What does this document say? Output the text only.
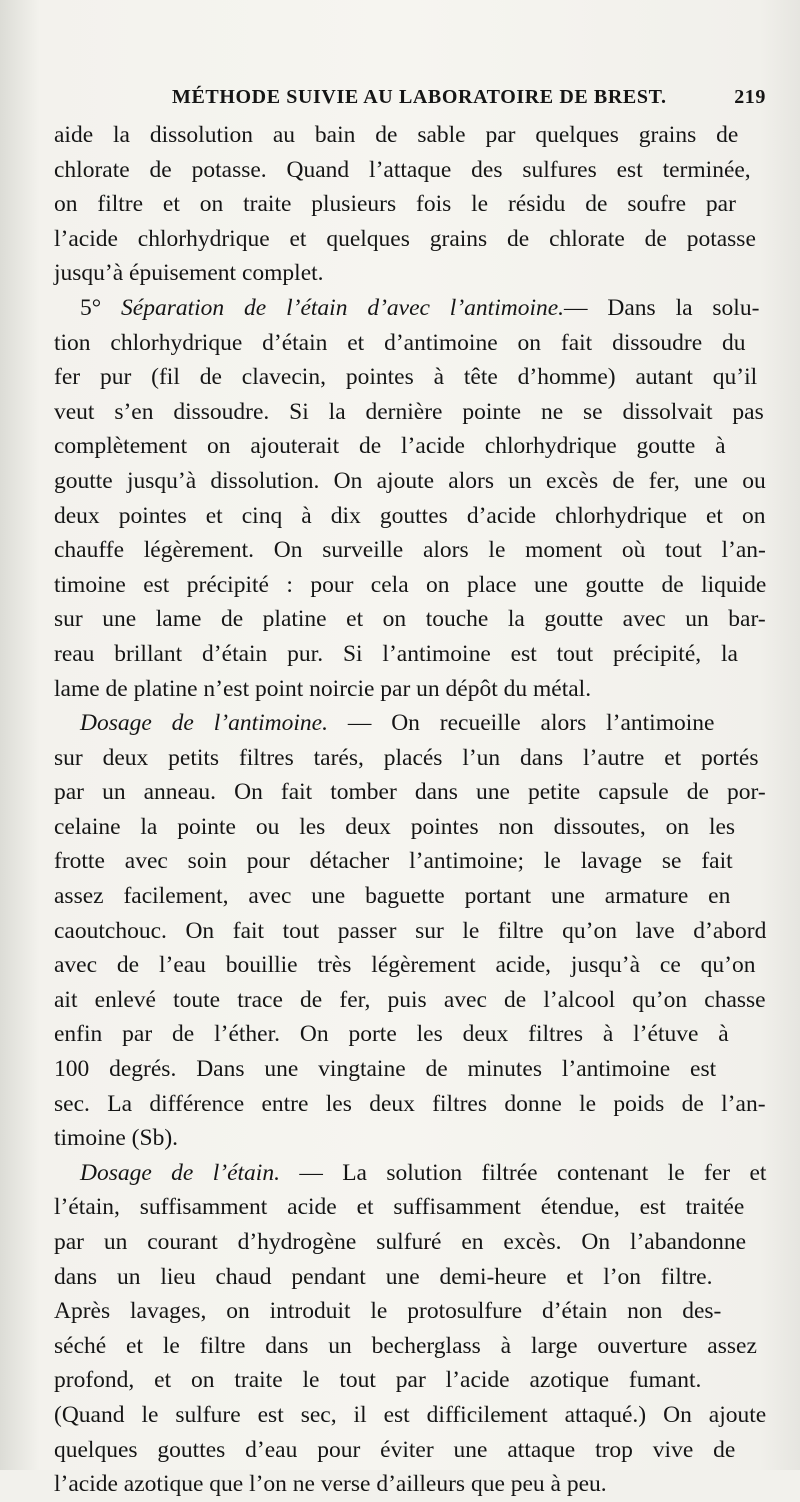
MÉTHODE SUIVIE AU LABORATOIRE DE BREST.	219
aide la dissolution au bain de sable par quelques grains de
chlorate de potasse. Quand l’attaque des sulfures est terminée,
on filtre et on traite plusieurs fois le résidu de soufre par
l’acide chlorhydrique et quelques grains de chlorate de potasse
jusqu’à épuisement complet.
5° Séparation de l’étain d’avec l’antimoine.— Dans la solu-
tion chlorhydrique d’étain et d’antimoine on fait dissoudre du
fer pur (fil de clavecin, pointes à tête d’homme) autant qu’il
veut s’en dissoudre. Si la dernière pointe ne se dissolvait pas
complètement on ajouterait de l’acide chlorhydrique goutte à
goutte jusqu’à dissolution. On ajoute alors un excès de fer, une ou
deux pointes et cinq à dix gouttes d’acide chlorhydrique et on
chauffe légèrement. On surveille alors le moment où tout l’an-
timoine est précipité : pour cela on place une goutte de liquide
sur une lame de platine et on touche la goutte avec un bar-
reau brillant d’étain pur. Si l’antimoine est tout précipité, la
lame de platine n’est point noircie par un dépôt du métal.
Dosage de l’antimoine. — On recueille alors l’antimoine
sur deux petits filtres tarés, placés l’un dans l’autre et portés
par un anneau. On fait tomber dans une petite capsule de por-
celaine la pointe ou les deux pointes non dissoutes, on les
frotte avec soin pour détacher l’antimoine; le lavage se fait
assez facilement, avec une baguette portant une armature en
caoutchouc. On fait tout passer sur le filtre qu’on lave d’abord
avec de l’eau bouillie très légèrement acide, jusqu’à ce qu’on
ait enlevé toute trace de fer, puis avec de l’alcool qu’on chasse
enfin par de l’éther. On porte les deux filtres à l’étuve à
100 degrés. Dans une vingtaine de minutes l’antimoine est
sec. La différence entre les deux filtres donne le poids de l’an-
timoine (Sb).
Dosage de l’étain. — La solution filtrée contenant le fer et
l’étain, suffisamment acide et suffisamment étendue, est traitée
par un courant d’hydrogène sulfuré en excès. On l’abandonne
dans un lieu chaud pendant une demi-heure et l’on filtre.
Après lavages, on introduit le protosulfure d’étain non des-
séché et le filtre dans un becherglass à large ouverture assez
profond, et on traite le tout par l’acide azotique fumant.
(Quand le sulfure est sec, il est difficilement attaqué.) On ajoute
quelques gouttes d’eau pour éviter une attaque trop vive de
l’acide azotique que l’on ne verse d’ailleurs que peu à peu.
